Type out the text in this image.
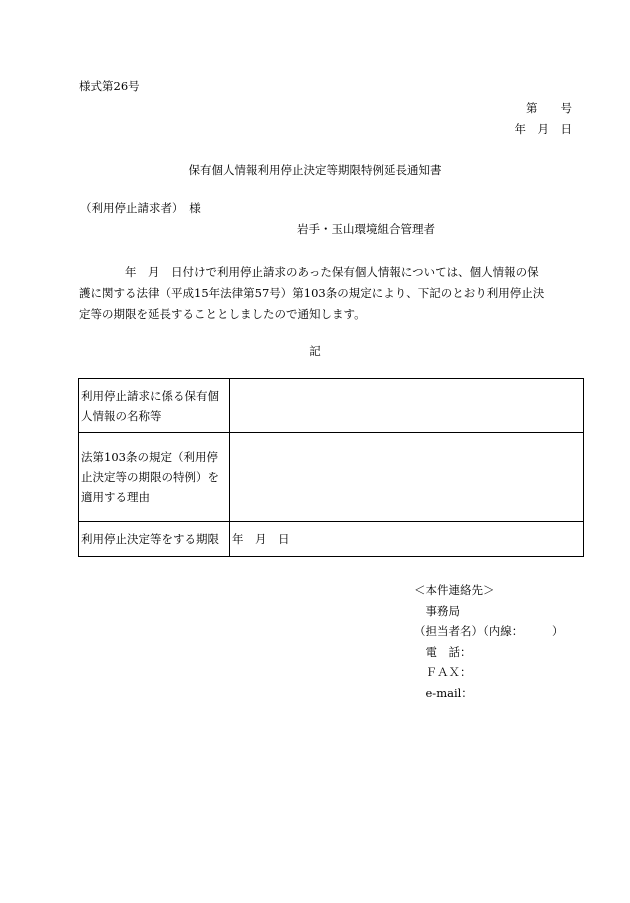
様式第26号
第　　号
年　月　日
保有個人情報利用停止決定等期限特例延長通知書
（利用停止請求者）　様
岩手・玉山環境組合管理者

　　　　年　月　日付けで利用停止請求のあった保有個人情報については、個人情報の保

護に関する法律（平成15年法律第57号）第103条の規定により、下記のとおり利用停止決

定等の期限を延長することとしましたので通知します。

記
利用停止請求に係る保有個
人情報の名称等	

法第103条の規定（利用停
止決定等の期限の特例）を
適用する理由	

利用停止決定等をする期限	年　月　日
＜本件連絡先＞
　事務局
（担当者名）（内線：　　　）
　電　話：
　ＦＡＸ：
　e-mail：
